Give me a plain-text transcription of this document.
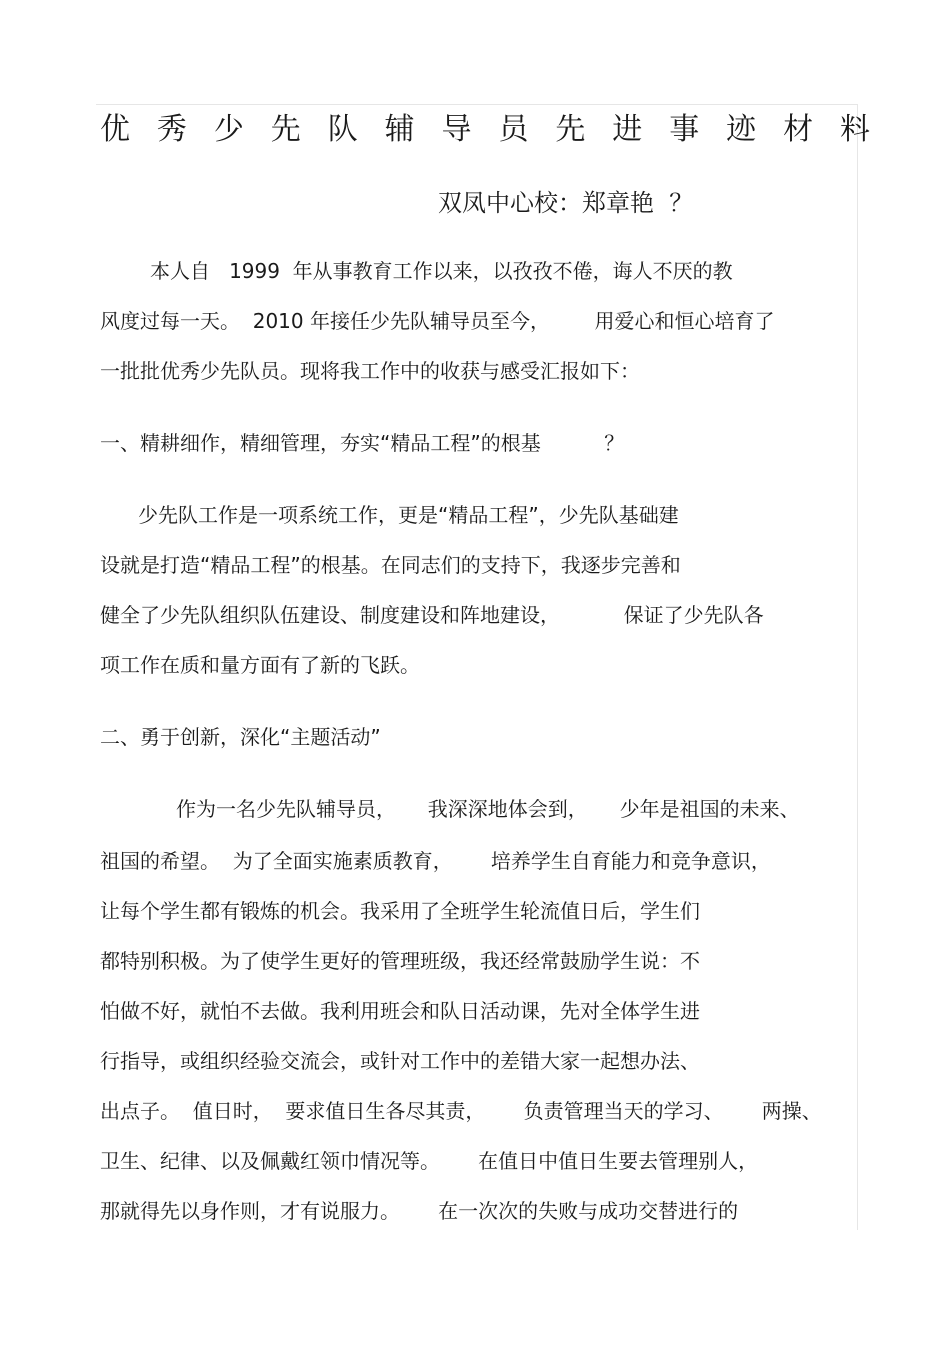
优 秀 少 先 队 辅 导 员 先 进 事 迹 材 料
双凤中心校：郑章艳  ？
本人自   1999  年从事教育工作以来，以孜孜不倦，诲人不厌的教
风度过每一天。  2010 年接任少先队辅导员至今，       用爱心和恒心培育了
一批批优秀少先队员。现将我工作中的收获与感受汇报如下：
一、精耕细作，精细管理，夯实“精品工程”的根基          ？
少先队工作是一项系统工作，更是“精品工程”，少先队基础建
设就是打造“精品工程”的根基。在同志们的支持下，我逐步完善和
健全了少先队组织队伍建设、制度建设和阵地建设，          保证了少先队各
项工作在质和量方面有了新的飞跃。
二、勇于创新，深化“主题活动”
作为一名少先队辅导员，     我深深地体会到，     少年是祖国的未来、
祖国的希望。  为了全面实施素质教育，      培养学生自育能力和竞争意识，
让每个学生都有锻炼的机会。我采用了全班学生轮流值日后，学生们
都特别积极。为了使学生更好的管理班级，我还经常鼓励学生说：不
怕做不好，就怕不去做。我利用班会和队日活动课，先对全体学生进
行指导，或组织经验交流会，或针对工作中的差错大家一起想办法、
出点子。  值日时，  要求值日生各尽其责，      负责管理当天的学习、      两操、
卫生、纪律、以及佩戴红领巾情况等。      在值日中值日生要去管理别人，
那就得先以身作则，才有说服力。      在一次次的失败与成功交替进行的
